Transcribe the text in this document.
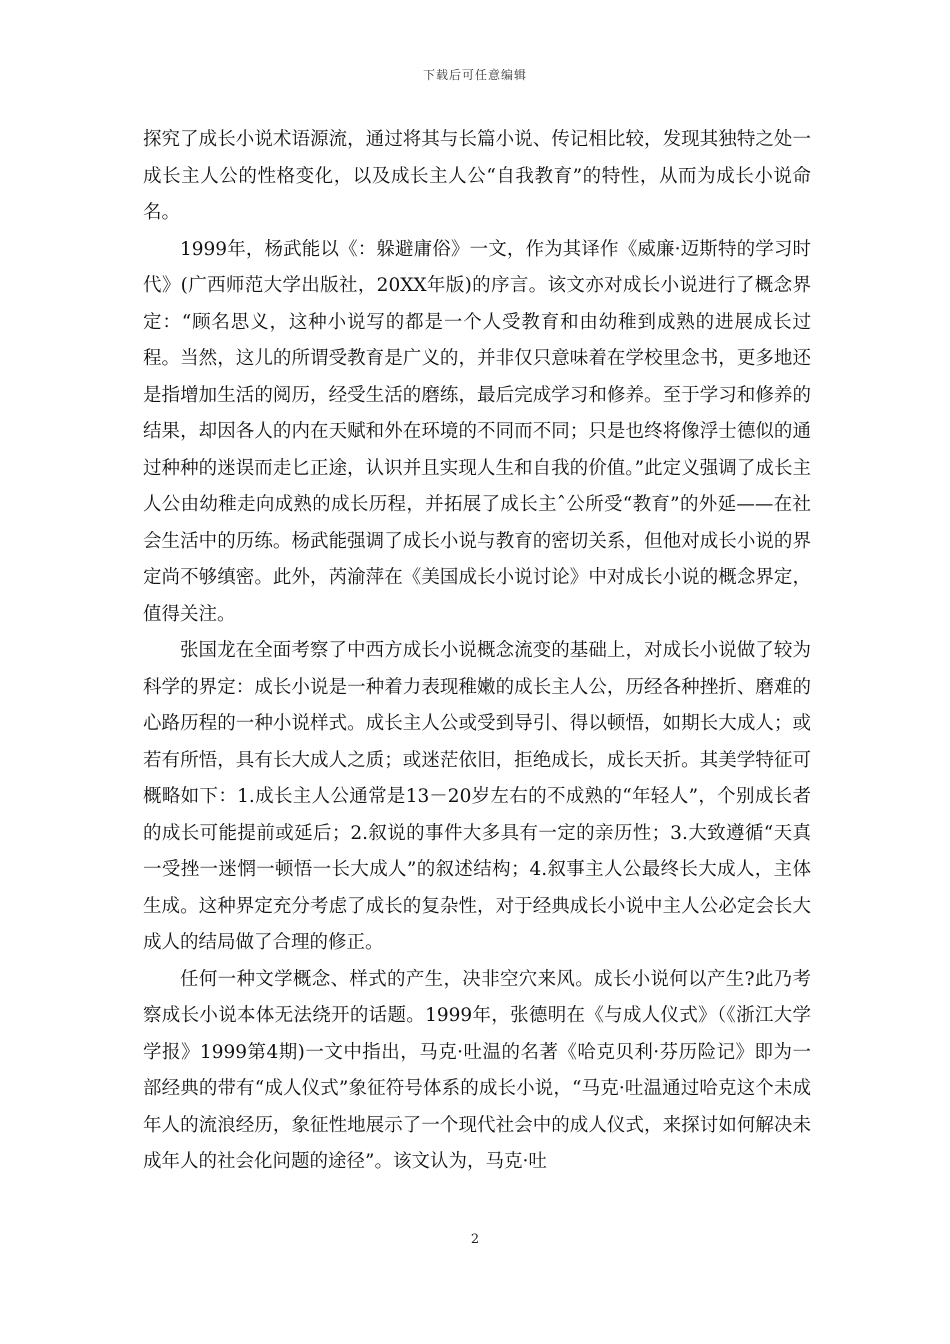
下载后可任意编辑

探究了成长小说术语源流，通过将其与长篇小说、传记相比较，发现其独特之处一成长主人公的性格变化，以及成长主人公“自我教育”的特性，从而为成长小说命名。

1999年，杨武能以《：躲避庸俗》一文，作为其译作《威廉·迈斯特的学习时代》(广西师范大学出版社，20XX年版)的序言。该文亦对成长小说进行了概念界定：“顾名思义，这种小说写的都是一个人受教育和由幼稚到成熟的进展成长过程。当然，这儿的所谓受教育是广义的，并非仅只意味着在学校里念书，更多地还是指增加生活的阅历，经受生活的磨练，最后完成学习和修养。至于学习和修养的结果，却因各人的内在天赋和外在环境的不同而不同；只是也终将像浮士德似的通过种种的迷误而走匕正途，认识并且实现人生和自我的价值。”此定义强调了成长主人公由幼稚走向成熟的成长历程，并拓展了成长主ˆ公所受“教育”的外延——在社会生活中的历练。杨武能强调了成长小说与教育的密切关系，但他对成长小说的界定尚不够缜密。此外，芮渝萍在《美国成长小说讨论》中对成长小说的概念界定，值得关注。

张国龙在全面考察了中西方成长小说概念流变的基础上，对成长小说做了较为科学的界定：成长小说是一种着力表现稚嫩的成长主人公，历经各种挫折、磨难的心路历程的一种小说样式。成长主人公或受到导引、得以顿悟，如期长大成人；或若有所悟，具有长大成人之质；或迷茫依旧，拒绝成长，成长天折。其美学特征可概略如下：1.成长主人公通常是13－20岁左右的不成熟的“年轻人”，个别成长者的成长可能提前或延后；2.叙说的事件大多具有一定的亲历性；3.大致遵循“天真一受挫一迷惘一顿悟一长大成人”的叙述结构；4.叙事主人公最终长大成人，主体生成。这种界定充分考虑了成长的复杂性，对于经典成长小说中主人公必定会长大成人的结局做了合理的修正。

任何一种文学概念、样式的产生，决非空穴来风。成长小说何以产生?此乃考察成长小说本体无法绕开的话题。1999年，张德明在《与成人仪式》（《浙江大学学报》1999第4期)一文中指出，马克·吐温的名著《哈克贝利·芬历险记》即为一部经典的带有“成人仪式”象征符号体系的成长小说，“马克·吐温通过哈克这个未成年人的流浪经历，象征性地展示了一个现代社会中的成人仪式，来探讨如何解决未成年人的社会化问题的途径”。该文认为，马克·吐

2
